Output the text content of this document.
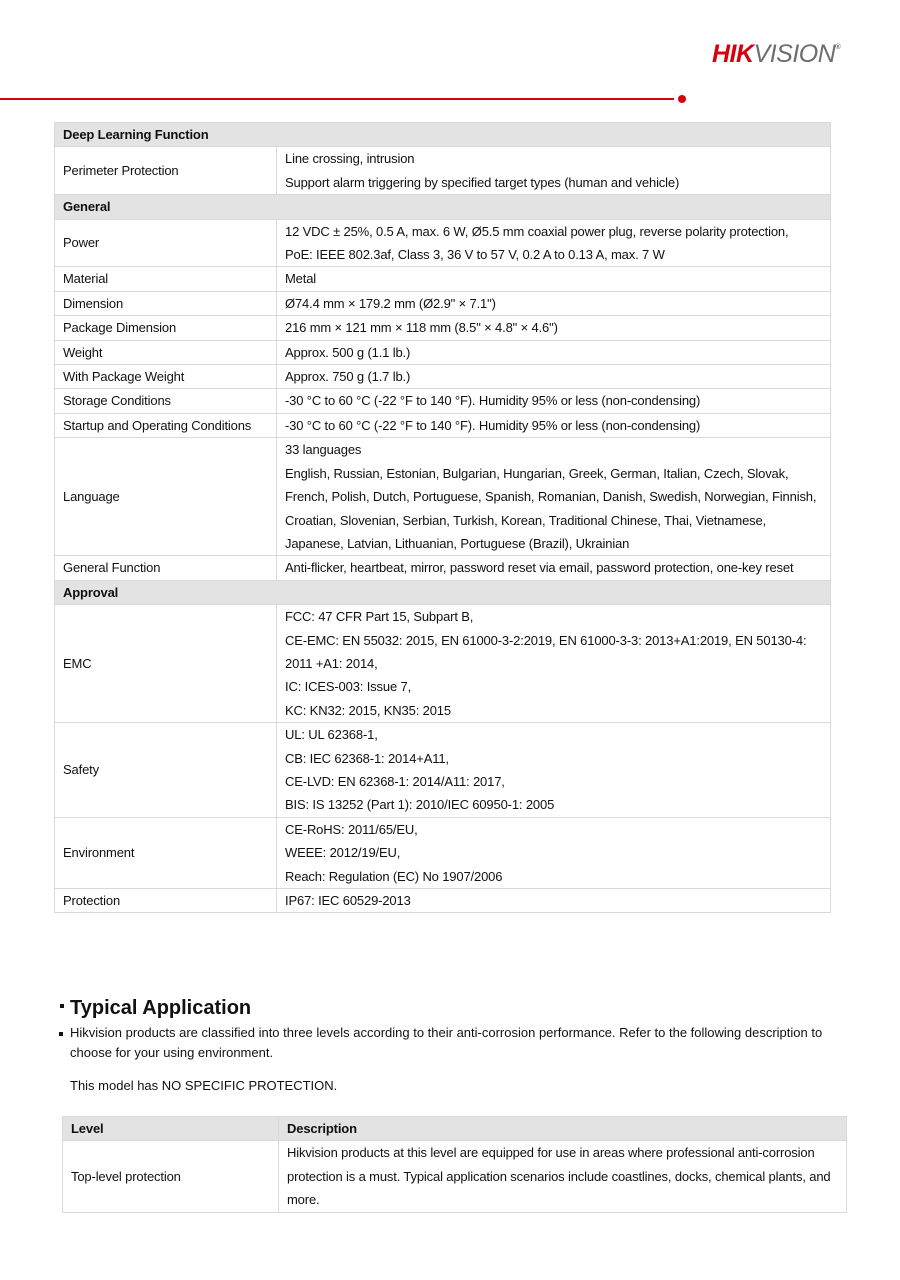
HIKVISION®
Deep Learning Function	
Perimeter Protection	Line crossing, intrusion
Support alarm triggering by specified target types (human and vehicle)

General	
Power	12 VDC ± 25%, 0.5 A, max. 6 W, Ø5.5 mm coaxial power plug, reverse polarity protection,
PoE: IEEE 802.3af, Class 3, 36 V to 57 V, 0.2 A to 0.13 A, max. 7 W

Material	Metal

Dimension	Ø74.4 mm × 179.2 mm (Ø2.9" × 7.1")

Package Dimension	216 mm × 121 mm × 118 mm (8.5" × 4.8" × 4.6")

Weight	Approx. 500 g (1.1 lb.)

With Package Weight	Approx. 750 g (1.7 lb.)

Storage Conditions	-30 °C to 60 °C (-22 °F to 140 °F). Humidity 95% or less (non-condensing)

Startup and Operating Conditions	-30 °C to 60 °C (-22 °F to 140 °F). Humidity 95% or less (non-condensing)

Language	33 languages
English, Russian, Estonian, Bulgarian, Hungarian, Greek, German, Italian, Czech, Slovak, French, Polish, Dutch, Portuguese, Spanish, Romanian, Danish, Swedish, Norwegian, Finnish, Croatian, Slovenian, Serbian, Turkish, Korean, Traditional Chinese, Thai, Vietnamese, Japanese, Latvian, Lithuanian, Portuguese (Brazil), Ukrainian

General Function	Anti-flicker, heartbeat, mirror, password reset via email, password protection, one-key reset

Approval	
EMC	FCC: 47 CFR Part 15, Subpart B,
CE-EMC: EN 55032: 2015, EN 61000-3-2:2019, EN 61000-3-3: 2013+A1:2019, EN 50130-4: 2011 +A1: 2014,
IC: ICES-003: Issue 7,
KC: KN32: 2015, KN35: 2015

Safety	UL: UL 62368-1,
CB: IEC 62368-1: 2014+A11,
CE-LVD: EN 62368-1: 2014/A11: 2017,
BIS: IS 13252 (Part 1): 2010/IEC 60950-1: 2005

Environment	CE-RoHS: 2011/65/EU,
WEEE: 2012/19/EU,
Reach: Regulation (EC) No 1907/2006

Protection	IP67: IEC 60529-2013
Typical Application
Hikvision products are classified into three levels according to their anti-corrosion performance. Refer to the following description to choose for your using environment.
This model has NO SPECIFIC PROTECTION.
Level	Description
Top-level protection	Hikvision products at this level are equipped for use in areas where professional anti-corrosion protection is a must. Typical application scenarios include coastlines, docks, chemical plants, and more.
